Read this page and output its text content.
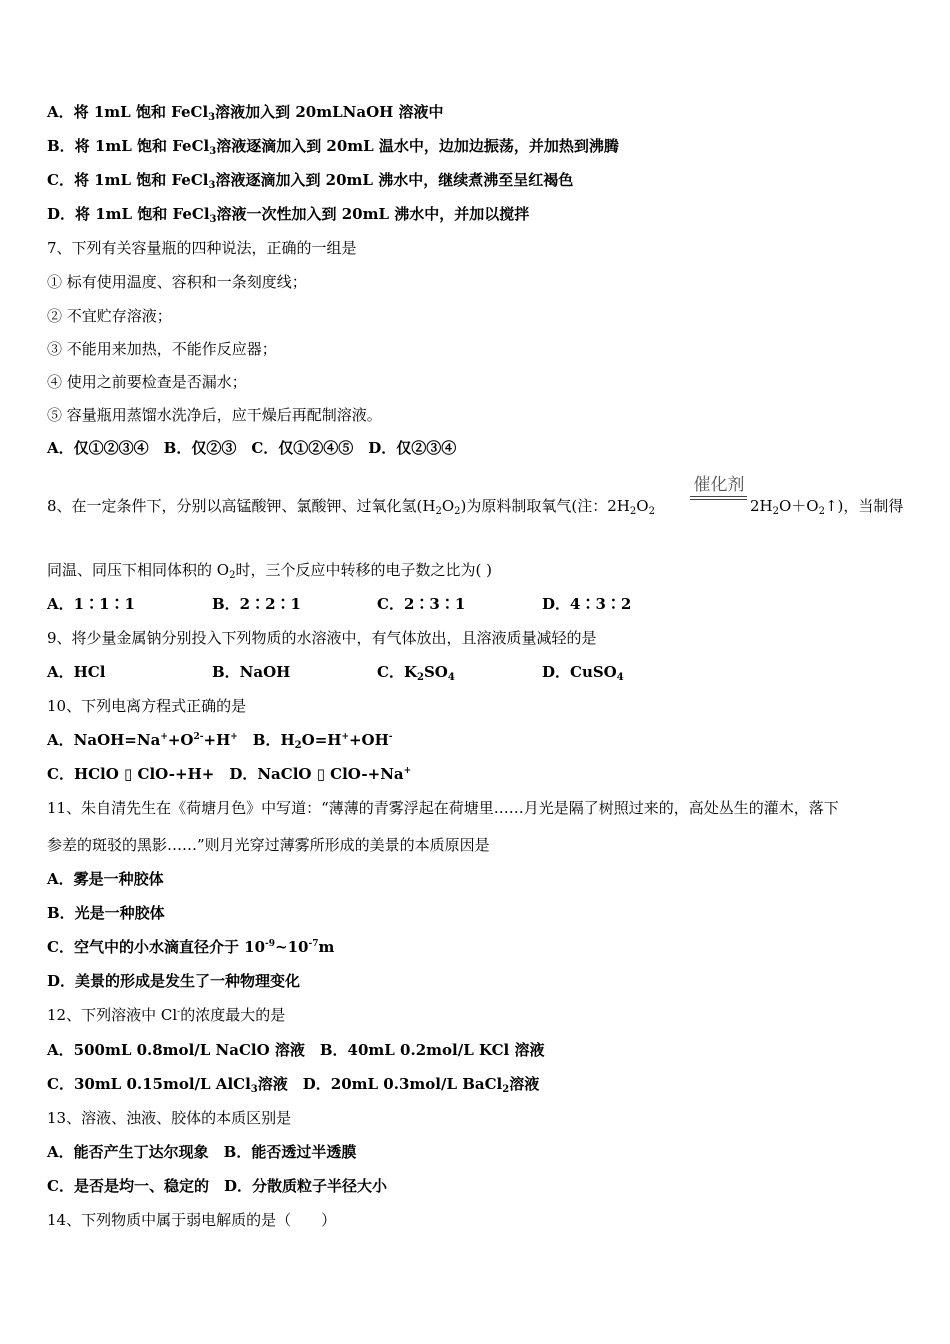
A．将 1mL 饱和 FeCl$_3$溶液加入到 20mLNaOH 溶液中
B．将 1mL 饱和 FeCl$_3$溶液逐滴加入到 20mL 温水中，边加边振荡，并加热到沸腾
C．将 1mL 饱和 FeCl$_3$溶液逐滴加入到 20mL 沸水中，继续煮沸至呈红褐色
D．将 1mL 饱和 FeCl$_3$溶液一次性加入到 20mL 沸水中，并加以搅拌
7、下列有关容量瓶的四种说法，正确的一组是
① 标有使用温度、容积和一条刻度线；
② 不宜贮存溶液；
③ 不能用来加热，不能作反应器；
④ 使用之前要检查是否漏水；
⑤ 容量瓶用蒸馏水洗净后，应干燥后再配制溶液。
A．仅①②③④　B．仅②③　C．仅①②④⑤　D．仅②③④
8、在一定条件下，分别以高锰酸钾、氯酸钾、过氧化氢$(H_2O_2)$为原料制取氧气(注：$2H_2O_2$
催化剂
$2H_2O+O_2↑$)，当制得
同温、同压下相同体积的 $O_2$时，三个反应中转移的电子数之比为( )
A．1∶1∶1	B．2∶2∶1	C．2∶3∶1	D．4∶3∶2
9、将少量金属钠分别投入下列物质的水溶液中，有气体放出，且溶液质量减轻的是
A．HCl	B．NaOH	C．$K_2SO_4$	D．CuSO$_4$
10、下列电离方程式正确的是
A．$NaOH=Na^++O^{2-}+H^+$　B．$H_2O=H^++OH^-$
C．HClO ▯ ClO-+H+　D．NaClO ▯ ClO-+Na+
11、朱自清先生在《荷塘月色》中写道：“薄薄的青雾浮起在荷塘里……月光是隔了树照过来的，高处丛生的灌木，落下
参差的斑驳的黑影……”则月光穿过薄雾所形成的美景的本质原因是
A．雾是一种胶体
B．光是一种胶体
C．空气中的小水滴直径介于 $10^{-9}\sim 10^{-7}m$
D．美景的形成是发生了一种物理变化
12、下列溶液中 Cl-的浓度最大的是
A．500mL 0.8mol/L NaClO 溶液　B．40mL 0.2mol/L KCl 溶液
C．30mL 0.15mol/L AlCl$_3$溶液　D．20mL 0.3mol/L BaCl$_2$溶液
13、溶液、浊液、胶体的本质区别是
A．能否产生丁达尔现象　B．能否透过半透膜
C．是否是均一、稳定的　D．分散质粒子半径大小
14、下列物质中属于弱电解质的是（　　）
